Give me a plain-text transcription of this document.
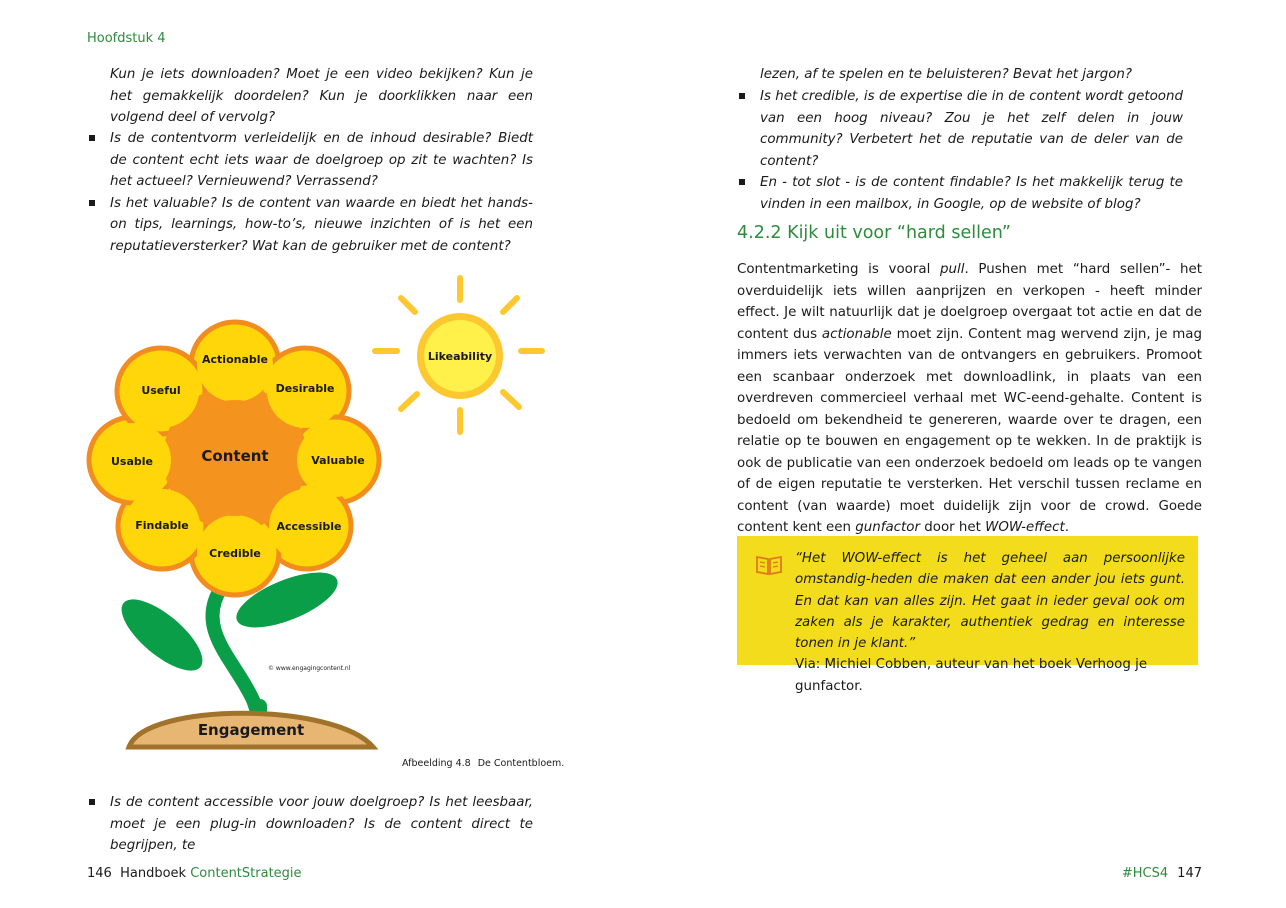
Hoofdstuk 4
Kun je iets downloaden? Moet je een video bekijken? Kun je het gemakkelijk doordelen? Kun je doorklikken naar een volgend deel of vervolg?
Is de contentvorm verleidelijk en de inhoud desirable? Biedt de content echt iets waar de doelgroep op zit te wachten? Is het actueel? Vernieuwend? Verrassend?
Is het valuable? Is de content van waarde en biedt het hands-on tips, learnings, how-to’s, nieuwe inzichten of is het een reputatieversterker? Wat kan de gebruiker met de content?
Likeability
Actionable
Desirable
Valuable
Accessible
Credible
Findable
Usable
Useful
Content
© www.engagingcontent.nl
Engagement
Afbeelding 4.8 De Contentbloem.
Is de content accessible voor jouw doelgroep? Is het leesbaar, moet je een plug-in downloaden? Is de content direct te begrijpen, te
146 Handboek ContentStrategie
lezen, af te spelen en te beluisteren? Bevat het jargon?
Is het credible, is de expertise die in de content wordt getoond van een hoog niveau? Zou je het zelf delen in jouw community? Verbetert het de reputatie van de deler van de content?
En - tot slot - is de content findable? Is het makkelijk terug te vinden in een mailbox, in Google, op de website of blog?
4.2.2 Kijk uit voor “hard sellen”
Contentmarketing is vooral pull. Pushen met “hard sellen”- het overduidelijk iets willen aanprijzen en verkopen - heeft minder effect. Je wilt natuurlijk dat je doelgroep overgaat tot actie en dat de content dus actionable moet zijn. Content mag wervend zijn, je mag immers iets verwachten van de ontvangers en gebruikers. Promoot een scanbaar onderzoek met downloadlink, in plaats van een overdreven commercieel verhaal met WC-eend-gehalte. Content is bedoeld om bekendheid te genereren, waarde over te dragen, een relatie op te bouwen en engagement op te wekken. In de praktijk is ook de publicatie van een onderzoek bedoeld om leads op te vangen of de eigen reputatie te versterken. Het verschil tussen reclame en content (van waarde) moet duidelijk zijn voor de crowd. Goede content kent een gunfactor door het WOW-effect.
“Het WOW-effect is het geheel aan persoonlijke omstandig-heden die maken dat een ander jou iets gunt. En dat kan van alles zijn. Het gaat in ieder geval ook om zaken als je karakter, authentiek gedrag en interesse tonen in je klant.”
Via: Michiel Cobben, auteur van het boek Verhoog je gunfactor.
#HCS4 147
